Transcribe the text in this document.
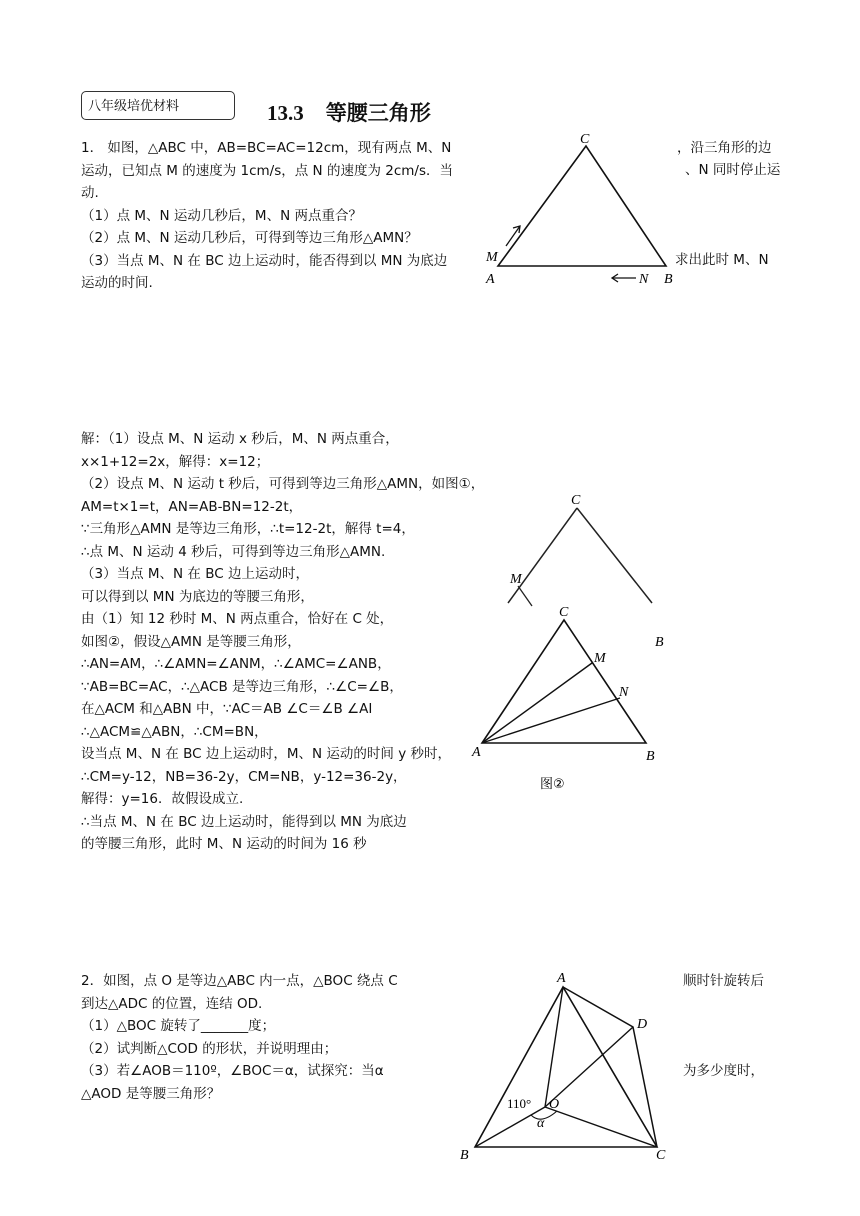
八年级培优材料	13.3 等腰三角形
1． 如图，△ABC 中，AB=BC=AC=12cm，现有两点 M、N
运动，已知点 M 的速度为 1cm/s，点 N 的速度为 2cm/s．当
动.
（1）点 M、N 运动几秒后，M、N 两点重合？
（2）点 M、N 运动几秒后，可得到等边三角形△AMN？
（3）当点 M、N 在 BC 边上运动时，能否得到以 MN 为底边
运动的时间.
，沿三角形的边
、N 同时停止运
求出此时 M、N
C
A	B
M
N
解：（1）设点 M、N 运动 x 秒后，M、N 两点重合，
x×1+12=2x，解得：x=12；
（2）设点 M、N 运动 t 秒后，可得到等边三角形△AMN，如图①，
AM=t×1=t，AN=AB-BN=12-2t，
∵三角形△AMN 是等边三角形，∴t=12-2t，解得 t=4，
∴点 M、N 运动 4 秒后，可得到等边三角形△AMN.
（3）当点 M、N 在 BC 边上运动时，
可以得到以 MN 为底边的等腰三角形，
由（1）知 12 秒时 M、N 两点重合，恰好在 C 处，
如图②，假设△AMN 是等腰三角形，
∴AN=AM，∴∠AMN=∠ANM，∴∠AMC=∠ANB，
∵AB=BC=AC，∴△ACB 是等边三角形，∴∠C=∠B，
在△ACM 和△ABN 中，∵AC＝AB ∠C＝∠B ∠AI
∴△ACM≌△ABN，∴CM=BN，
设当点 M、N 在 BC 边上运动时，M、N 运动的时间 y 秒时，
∴CM=y-12，NB=36-2y，CM=NB，y-12=36-2y，
解得：y=16．故假设成立.
∴当点 M、N 在 BC 边上运动时，能得到以 MN 为底边
的等腰三角形，此时 M、N 运动的时间为 16 秒
C
M
B
C
M
N
A	B
图②
2．如图，点 O 是等边△ABC 内一点，△BOC 绕点 C
到达△ADC 的位置，连结 OD.
（1）△BOC 旋转了_______度；
（2）试判断△COD 的形状，并说明理由；
（3）若∠AOB＝110º，∠BOC＝α，试探究：当α
△AOD 是等腰三角形？
顺时针旋转后
为多少度时，
A
D
O
B	C
110°
α
